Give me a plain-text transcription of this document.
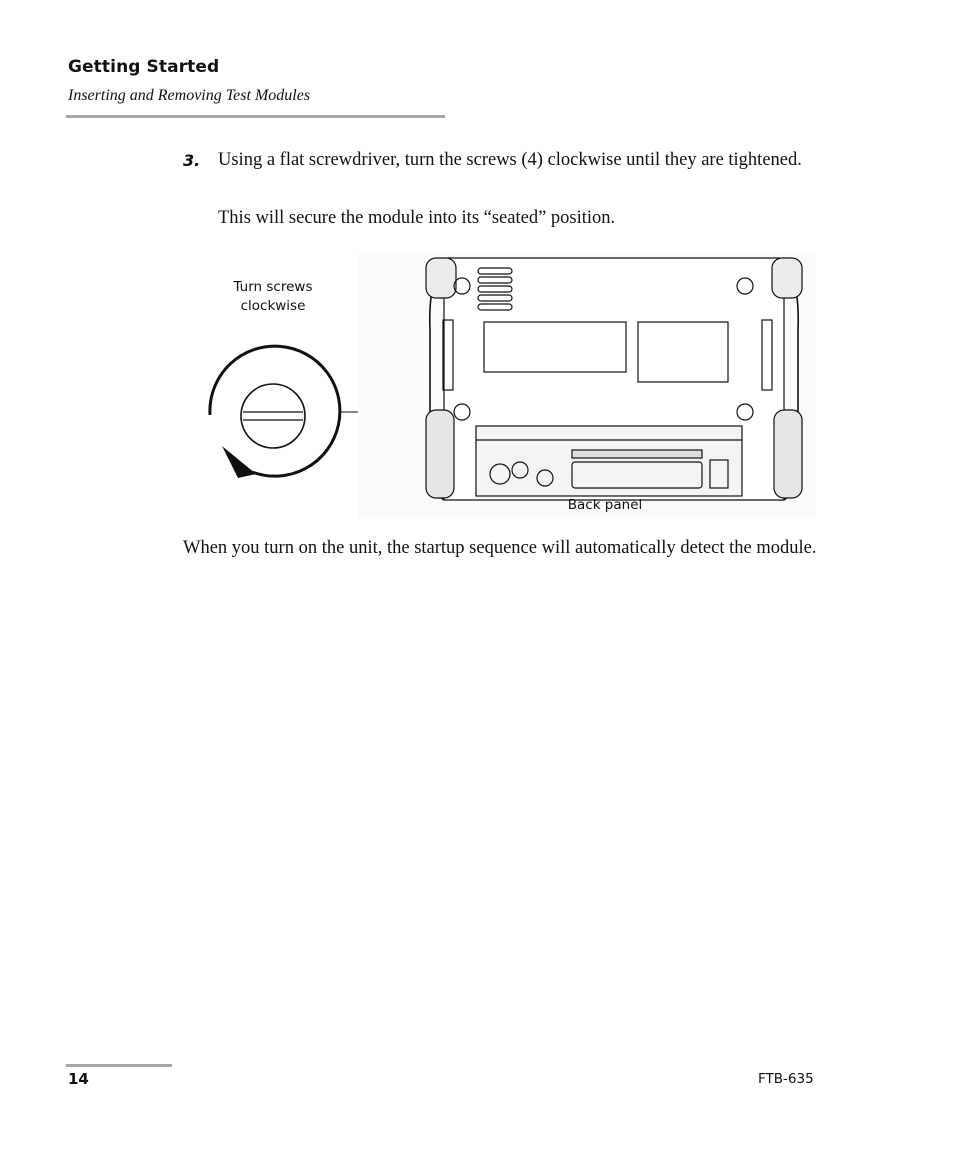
Getting Started
Inserting and Removing Test Modules
3. Using a flat screwdriver, turn the screws (4) clockwise until they are tightened.
This will secure the module into its “seated” position.
Turn screws clockwise
Back panel
When you turn on the unit, the startup sequence will automatically detect the module.
14	FTB-635
